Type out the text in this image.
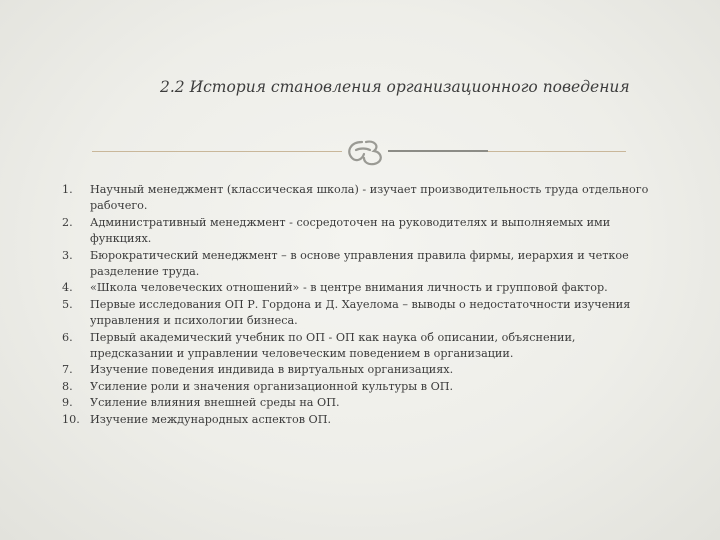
2.2 История становления организационного поведения
1.	Научный менеджмент (классическая школа) - изучает производительность труда отдельного рабочего.
2.	Административный менеджмент - сосредоточен на руководителях и выполняемых ими функциях.
3.	Бюрократический менеджмент – в основе управления правила фирмы, иерархия и четкое разделение труда.
4.	«Школа человеческих отношений» - в центре внимания личность и групповой фактор.
5.	Первые исследования ОП Р. Гордона и Д. Хауелома – выводы о недостаточности изучения управления и психологии бизнеса.
6.	Первый академический учебник по ОП - ОП как наука об описании, объяснении, предсказании и управлении человеческим поведением в организации.
7.	Изучение поведения индивида в виртуальных организациях.
8.	Усиление роли и значения организационной культуры в ОП.
9.	Усиление влияния внешней среды на ОП.
10. Изучение международных аспектов ОП.
